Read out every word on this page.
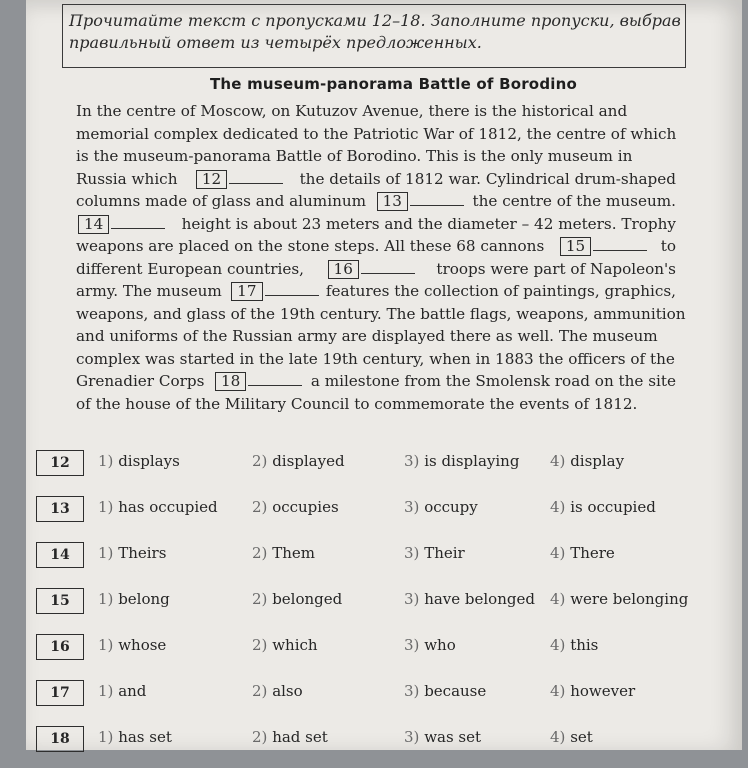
Прочитайте текст с пропусками 12–18. Заполните пропуски, выбрав
правильный ответ из четырёх предложенных.
The museum-panorama Battle of Borodino
In the centre of Moscow, on Kutuzov Avenue, there is the historical and
memorial complex dedicated to the Patriotic War of 1812, the centre of which
is the museum-panorama Battle of Borodino. This is the only museum in
Russia which	12	the details of 1812 war. Cylindrical drum-shaped
columns made of glass and aluminum	13	the centre of the museum.
14	height is about 23 meters and the diameter – 42 meters. Trophy
weapons are placed on the stone steps. All these 68 cannons	15	to
different European countries,	16	troops were part of Napoleon's
army. The museum	17	features the collection of paintings, graphics,
weapons, and glass of the 19th century. The battle flags, weapons, ammunition
and uniforms of the Russian army are displayed there as well. The museum
complex was started in the late 19th century, when in 1883 the officers of the
Grenadier Corps	18	a milestone from the Smolensk road on the site
of the house of the Military Council to commemorate the events of 1812.
12	1) displays	2) displayed	3) is displaying 4) display
13	1) has occupied 2) occupies	3) occupy	4) is occupied
14	1) Theirs	2) Them	3) Their	4) There
15	1) belong	2) belonged	3) have belonged 4) were belonging
16	1) whose	2) which	3) who	4) this
17	1) and	2) also	3) because	4) however
18	1) has set	2) had set	3) was set	4) set
